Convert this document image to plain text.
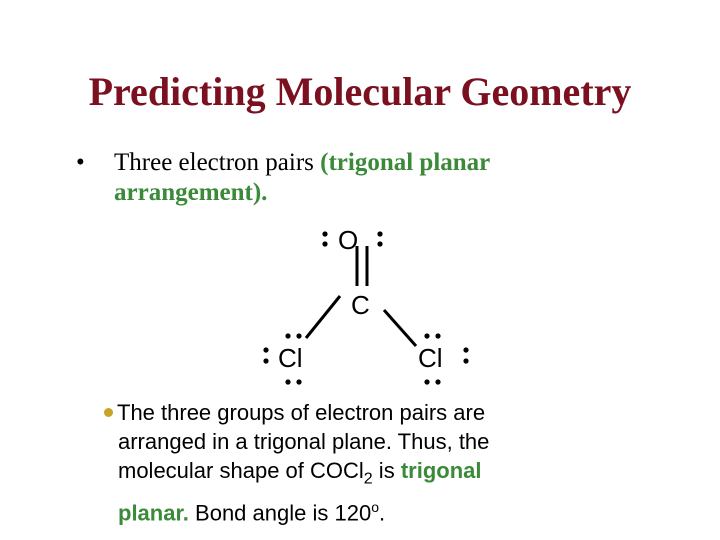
Predicting Molecular Geometry
•	Three electron pairs (trigonal planar
arrangement).
O
C
Cl	Cl
The three groups of electron pairs are
arranged in a trigonal plane. Thus, the
molecular shape of COCl$_2$ is trigonal
planar. Bond angle is 120$^o$.
